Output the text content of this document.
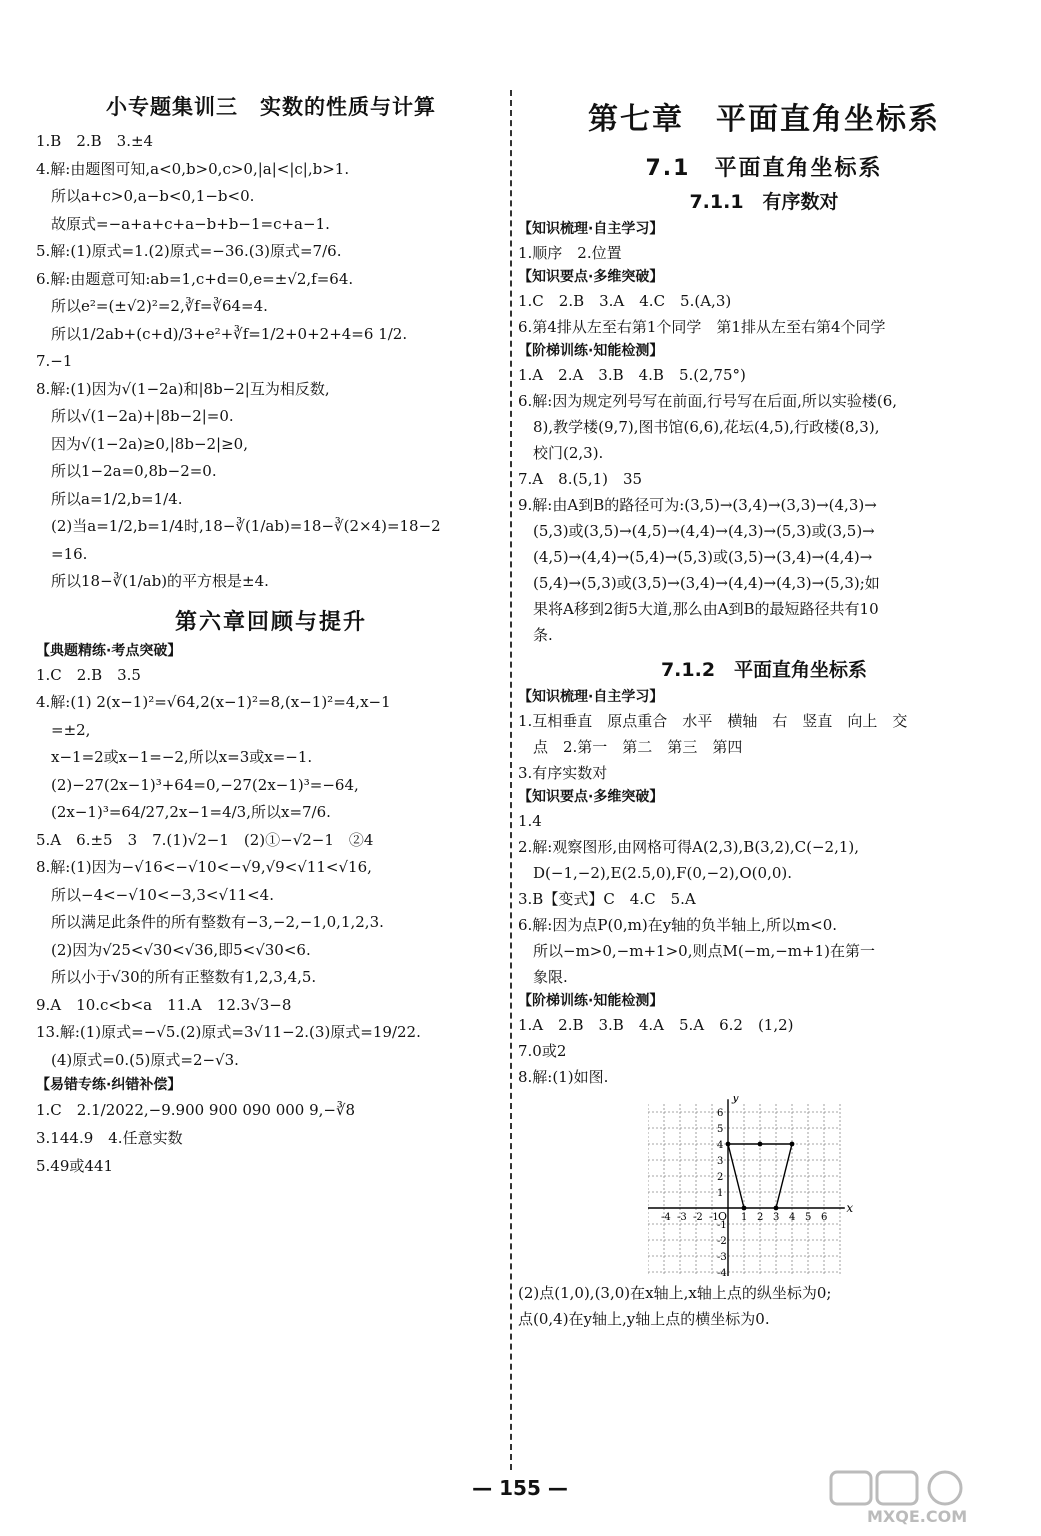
小专题集训三　实数的性质与计算
1.B　2.B　3.±4
4.解:由题图可知,a<0,b>0,c>0,|a|<|c|,b>1.
　所以a+c>0,a−b<0,1−b<0.
　故原式=−a+a+c+a−b+b−1=c+a−1.
5.解:(1)原式=1.(2)原式=−36.(3)原式=7/6.
6.解:由题意可知:ab=1,c+d=0,e=±√2,f=64.
　所以e²=(±√2)²=2,∛f=∛64=4.
　所以1/2ab+(c+d)/3+e²+∛f=1/2+0+2+4=6 1/2.
7.−1
8.解:(1)因为√(1−2a)和|8b−2|互为相反数,
　所以√(1−2a)+|8b−2|=0.
　因为√(1−2a)≥0,|8b−2|≥0,
　所以1−2a=0,8b−2=0.
　所以a=1/2,b=1/4.
　(2)当a=1/2,b=1/4时,18−∛(1/ab)=18−∛(2×4)=18−2
　=16.
　所以18−∛(1/ab)的平方根是±4.
第六章回顾与提升
【典题精练·考点突破】
1.C　2.B　3.5
4.解:(1) 2(x−1)²=√64,2(x−1)²=8,(x−1)²=4,x−1
　=±2,
　x−1=2或x−1=−2,所以x=3或x=−1.
　(2)−27(2x−1)³+64=0,−27(2x−1)³=−64,
　(2x−1)³=64/27,2x−1=4/3,所以x=7/6.
5.A　6.±5　3　7.(1)√2−1　(2)①−√2−1　②4
8.解:(1)因为−√16<−√10<−√9,√9<√11<√16,
　所以−4<−√10<−3,3<√11<4.
　所以满足此条件的所有整数有−3,−2,−1,0,1,2,3.
　(2)因为√25<√30<√36,即5<√30<6.
　所以小于√30的所有正整数有1,2,3,4,5.
9.A　10.c<b<a　11.A　12.3√3−8
13.解:(1)原式=−√5.(2)原式=3√11−2.(3)原式=19/22.
　(4)原式=0.(5)原式=2−√3.
【易错专练·纠错补偿】
1.C　2.1/2022,−9.900 900 090 000 9,−∛8
3.144.9　4.任意实数
5.49或441
第七章　平面直角坐标系
7.1　平面直角坐标系
7.1.1　有序数对
【知识梳理·自主学习】
1.顺序　2.位置
【知识要点·多维突破】
1.C　2.B　3.A　4.C　5.(A,3)
6.第4排从左至右第1个同学　第1排从左至右第4个同学
【阶梯训练·知能检测】
1.A　2.A　3.B　4.B　5.(2,75°)
6.解:因为规定列号写在前面,行号写在后面,所以实验楼(6,
　8),教学楼(9,7),图书馆(6,6),花坛(4,5),行政楼(8,3),
　校门(2,3).
7.A　8.(5,1)　35
9.解:由A到B的路径可为:(3,5)→(3,4)→(3,3)→(4,3)→
　(5,3)或(3,5)→(4,5)→(4,4)→(4,3)→(5,3)或(3,5)→
　(4,5)→(4,4)→(5,4)→(5,3)或(3,5)→(3,4)→(4,4)→
　(5,4)→(5,3)或(3,5)→(3,4)→(4,4)→(4,3)→(5,3);如
　果将A移到2街5大道,那么由A到B的最短路径共有10
　条.
7.1.2　平面直角坐标系
【知识梳理·自主学习】
1.互相垂直　原点重合　水平　横轴　右　竖直　向上　交
　点　2.第一　第二　第三　第四
3.有序实数对
【知识要点·多维突破】
1.4
2.解:观察图形,由网格可得A(2,3),B(3,2),C(−2,1),
　D(−1,−2),E(2.5,0),F(0,−2),O(0,0).
3.B【变式】C　4.C　5.A
6.解:因为点P(0,m)在y轴的负半轴上,所以m<0.
　所以−m>0,−m+1>0,则点M(−m,−m+1)在第一
　象限.
【阶梯训练·知能检测】
1.A　2.B　3.B　4.A　5.A　6.2　(1,2)
7.0或2
8.解:(1)如图.
x
y
O
-4 -3 -2 -1 1 2 3 4 5 6
6
5
4
3
2
1
-1
-2
-3
-4
(2)点(1,0),(3,0)在x轴上,x轴上点的纵坐标为0;
点(0,4)在y轴上,y轴上点的横坐标为0.
— 155 —
MXQE.COM
